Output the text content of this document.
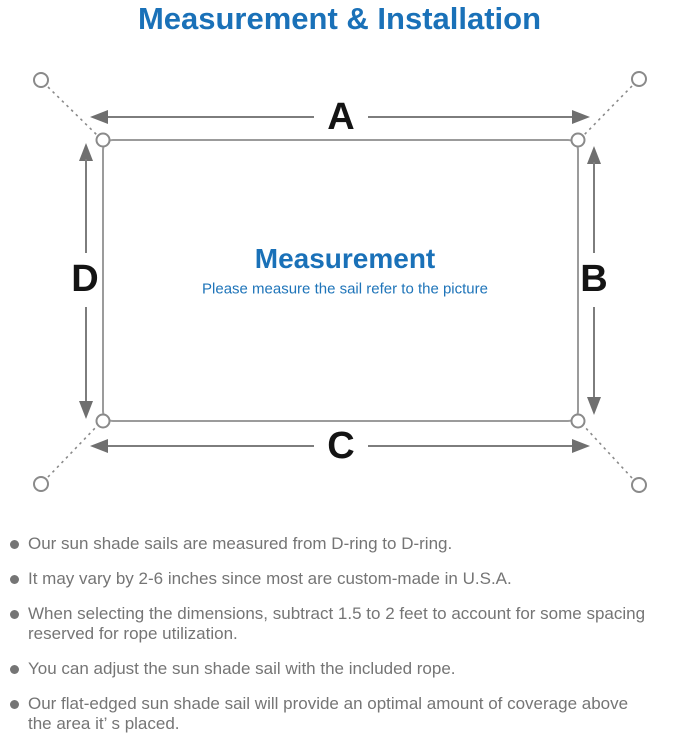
Measurement & Installation
A
B
C
D	Measurement
Please measure the sail refer to the picture
Our sun shade sails are measured from D-ring to D-ring.
It may vary by 2-6 inches since most are custom-made in U.S.A.
When selecting the dimensions, subtract 1.5 to 2 feet to account for some spacing
reserved for rope utilization.
You can adjust the sun shade sail with the included rope.
Our flat-edged sun shade sail will provide an optimal amount of coverage above
the area it’ s placed.
